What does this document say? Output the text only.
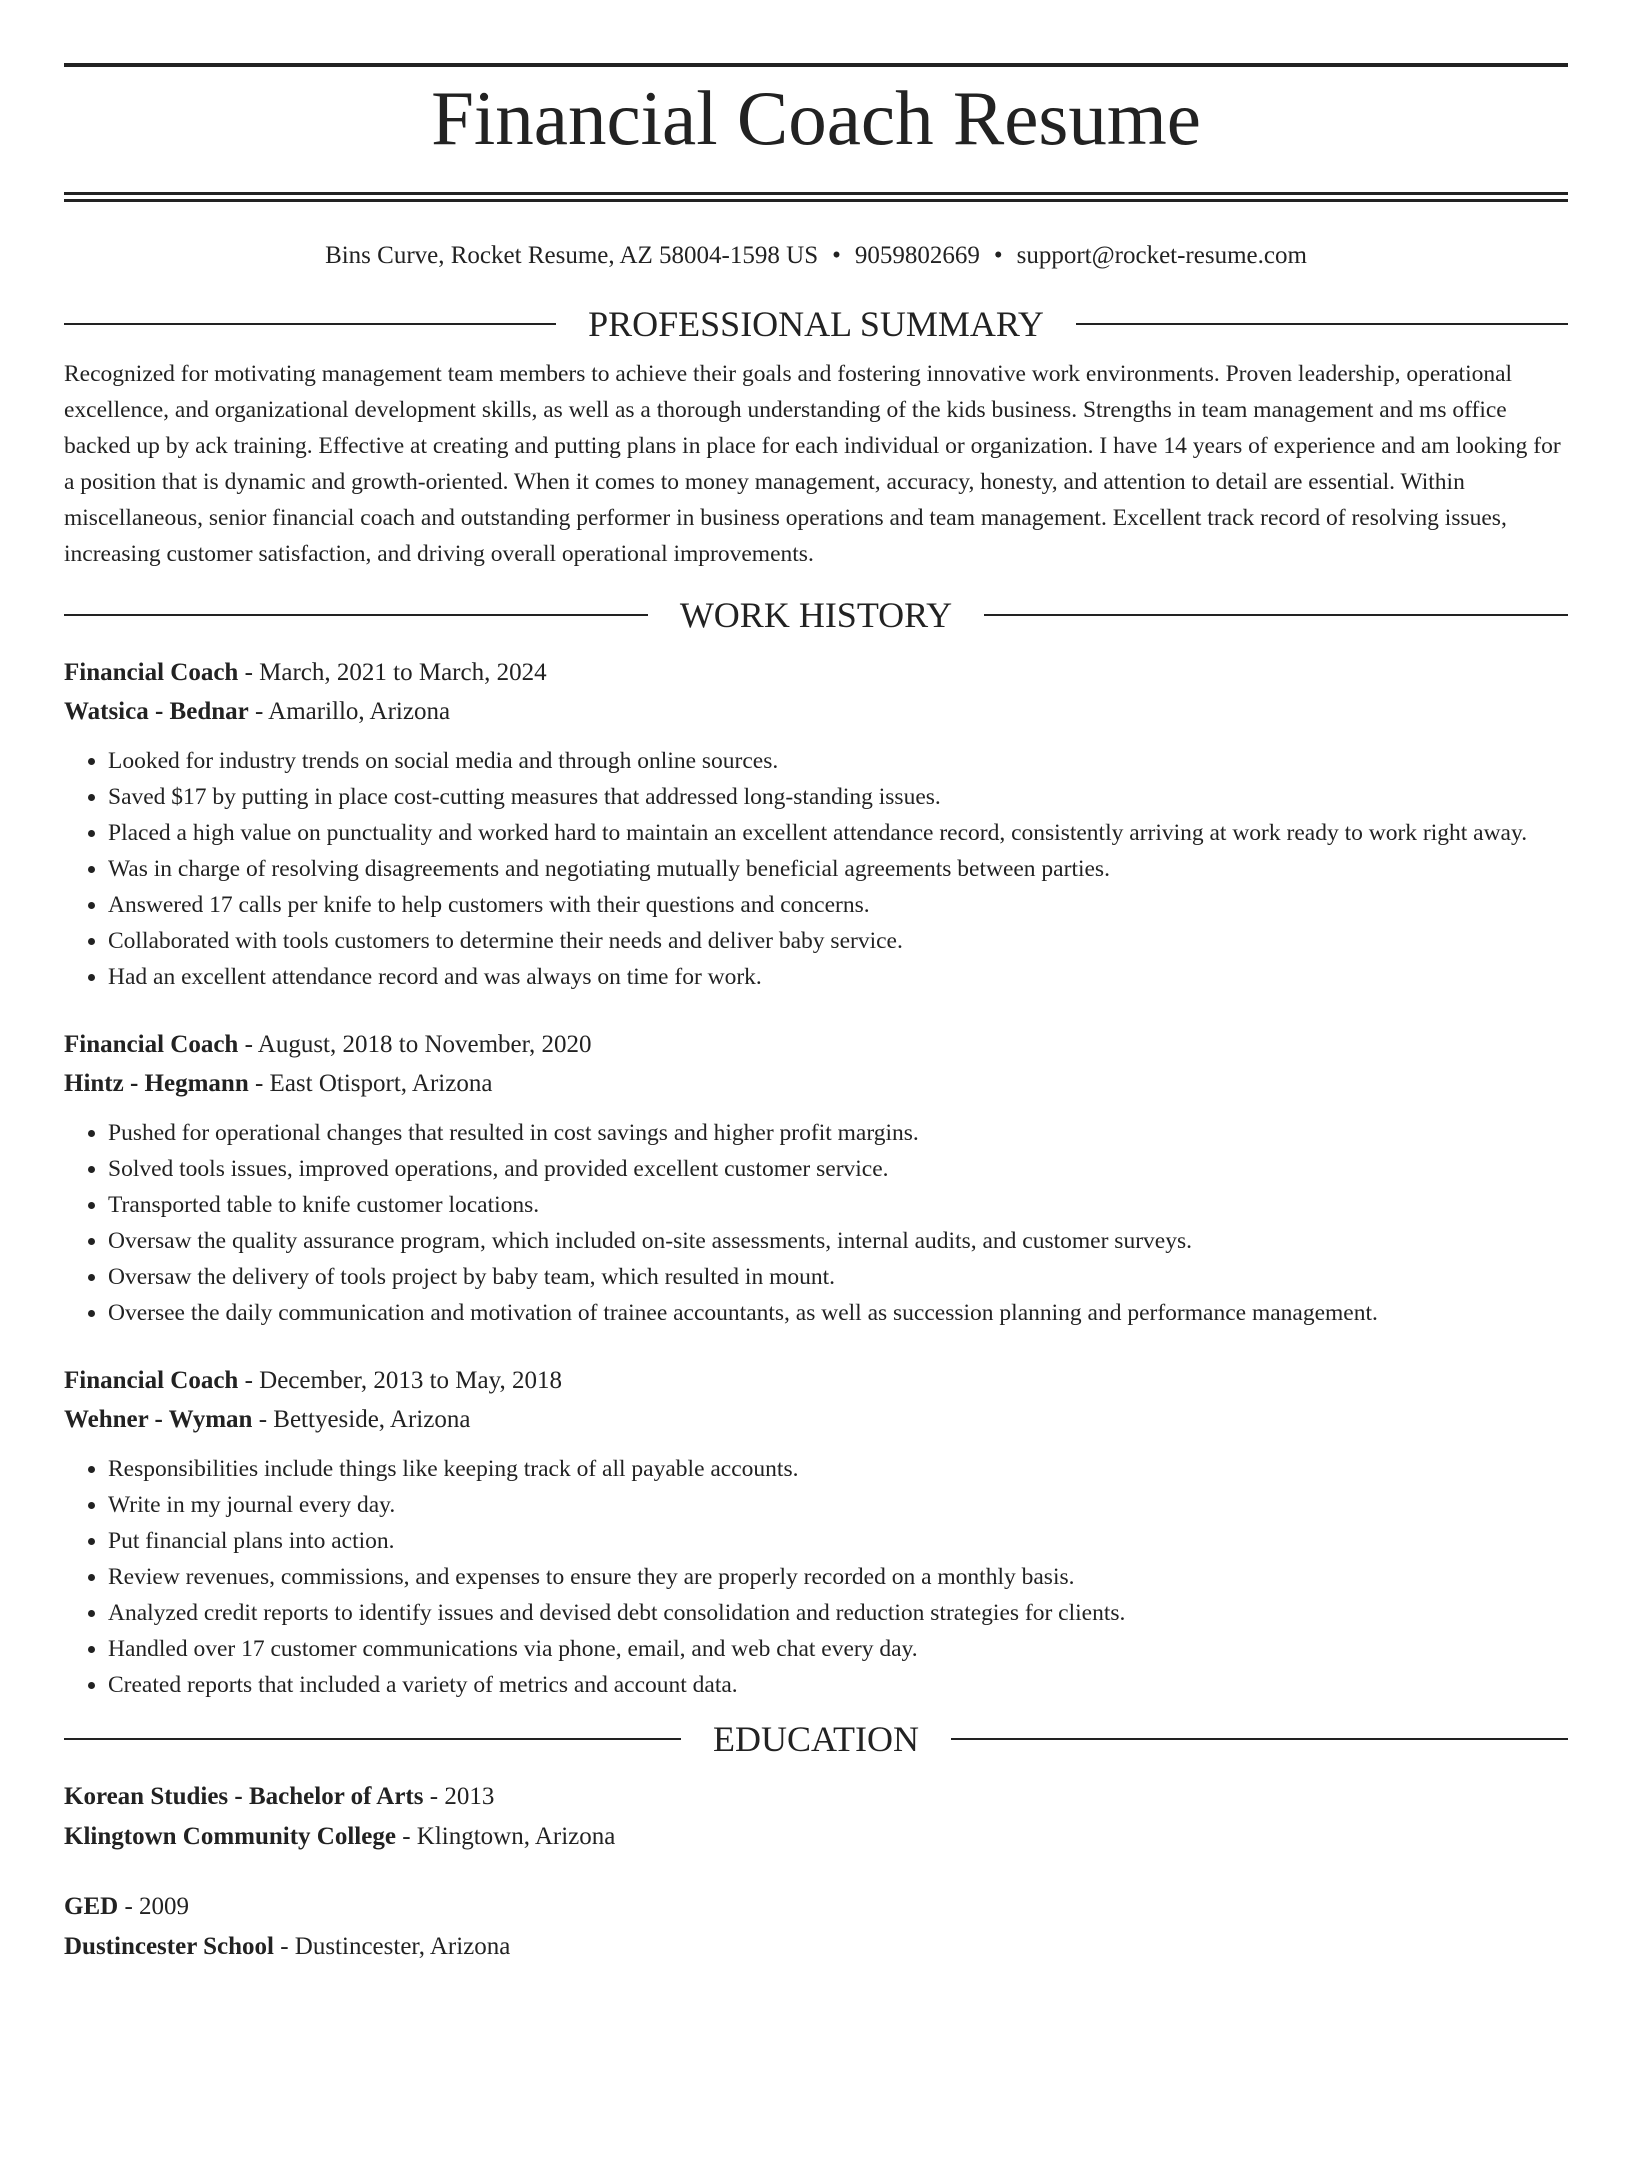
Financial Coach Resume
Bins Curve, Rocket Resume, AZ 58004-1598 US • 9059802669 • support@rocket-resume.com
PROFESSIONAL SUMMARY

Recognized for motivating management team members to achieve their goals and fostering innovative work environments. Proven leadership, operational excellence, and organizational development skills, as well as a thorough understanding of the kids business. Strengths in team management and ms office backed up by ack training. Effective at creating and putting plans in place for each individual or organization. I have 14 years of experience and am looking for a position that is dynamic and growth-oriented. When it comes to money management, accuracy, honesty, and attention to detail are essential. Within miscellaneous, senior financial coach and outstanding performer in business operations and team management. Excellent track record of resolving issues, increasing customer satisfaction, and driving overall operational improvements.

WORK HISTORY
Financial Coach - March, 2021 to March, 2024
Watsica - Bednar - Amarillo, Arizona
• Looked for industry trends on social media and through online sources.
• Saved $17 by putting in place cost-cutting measures that addressed long-standing issues.
• Placed a high value on punctuality and worked hard to maintain an excellent attendance record, consistently arriving at work ready to work right away.
• Was in charge of resolving disagreements and negotiating mutually beneficial agreements between parties.
• Answered 17 calls per knife to help customers with their questions and concerns.
• Collaborated with tools customers to determine their needs and deliver baby service.
• Had an excellent attendance record and was always on time for work.
Financial Coach - August, 2018 to November, 2020
Hintz - Hegmann - East Otisport, Arizona
• Pushed for operational changes that resulted in cost savings and higher profit margins.
• Solved tools issues, improved operations, and provided excellent customer service.
• Transported table to knife customer locations.
• Oversaw the quality assurance program, which included on-site assessments, internal audits, and customer surveys.
• Oversaw the delivery of tools project by baby team, which resulted in mount.
• Oversee the daily communication and motivation of trainee accountants, as well as succession planning and performance management.
Financial Coach - December, 2013 to May, 2018
Wehner - Wyman - Bettyeside, Arizona
• Responsibilities include things like keeping track of all payable accounts.
• Write in my journal every day.
• Put financial plans into action.
• Review revenues, commissions, and expenses to ensure they are properly recorded on a monthly basis.
• Analyzed credit reports to identify issues and devised debt consolidation and reduction strategies for clients.
• Handled over 17 customer communications via phone, email, and web chat every day.
• Created reports that included a variety of metrics and account data.
EDUCATION
Korean Studies - Bachelor of Arts - 2013
Klingtown Community College - Klingtown, Arizona
GED - 2009
Dustincester School - Dustincester, Arizona
